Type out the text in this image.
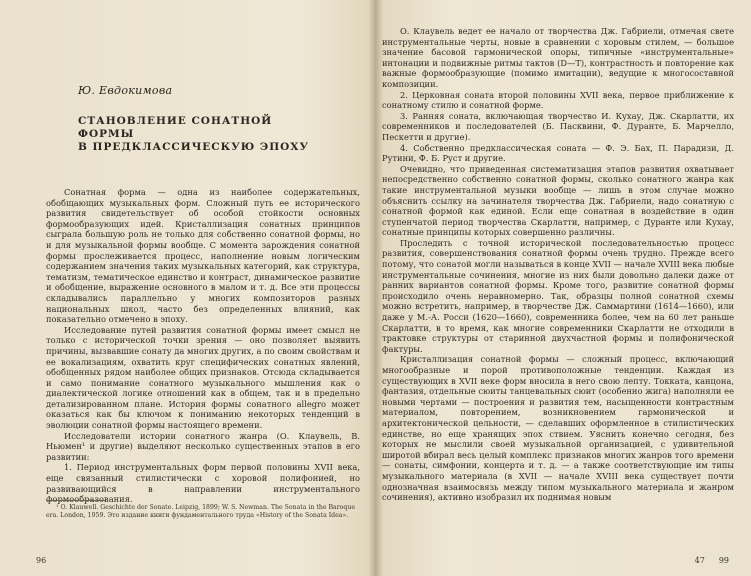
Ю. Евдокимова
СТАНОВЛЕНИЕ СОНАТНОЙ ФОРМЫ
В ПРЕДКЛАССИЧЕСКУЮ ЭПОХУ

Сонатная форма — одна из наиболее содержательных, обобщающих музыкальных форм. Сложный путь ее исторического развития свидетельствует об особой стойкости основных формообразующих идей. Кристаллизация сонатных принципов сыграла большую роль не только для собственно сонатной формы, но и для музыкальной формы вообще. С момента зарождения сонатной формы прослеживается процесс, наполнение новым логическим содержанием значения таких музыкальных категорий, как структура, тематизм, тематическое единство и контраст, динамическое развитие и обобщение, выражение основного в малом и т. д. Все эти процессы складывались параллельно у многих композиторов разных национальных школ, часто без определенных влияний, как показательно отмечено в эпоху.

Исследование путей развития сонатной формы имеет смысл не только с исторической точки зрения — оно позволяет выявить причины, вызвавшие сонату да многих других, а по своим свойствам и ее вокализациям, охватить круг специфических сонатных явлений, обобщенных рядом наиболее общих признаков. Отсюда складывается и само понимание сонатного музыкального мышления как о диалектической логике отношений как в общем, так и в предельно детализированном плане. История формы сонатного allegro может оказаться как бы ключом к пониманию некоторых тенденций в эволюции сонатной формы настоящего времени.

Исследователи истории сонатного жанра (О. Клаувель, В. Ньюмен¹ и другие) выделяют несколько существенных этапов в его развитии:

1. Период инструментальных форм первой половины XVII века, еще связанный стилистически с хоровой полифонией, но развивающийся в направлении инструментального формообразования.

¹ O. Klauwell. Geschichte der Sonate. Leipzig, 1899; W. S. Newman. The Sonata in the Baroque era. London, 1959. Это издание книги фундаментального труда «History of the Sonata Idea».

96

О. Клаувель ведет ее начало от творчества Дж. Габриели, отмечая свете инструментальные черты, новые в сравнении с хоровым стилем, — большое значение басовой гармонической опоры, типичные «инструментальные» интонации и подвижные ритмы тактов (D—T), контрастность и повторение как важные формообразующие (помимо имитации), ведущие к многосоставной композиции.

2. Церковная соната второй половины XVII века, первое приближение к сонатному стилю и сонатной форме.

3. Ранняя соната, включающая творчество И. Кухау, Дж. Скарлатти, их современников и последователей (Б. Пасквини, Ф. Дуранте, Б. Марчелло, Пескетти и другие).

4. Собственно предклассическая соната — Ф. Э. Бах, П. Парадизи, Д. Рутини, Ф. Б. Руст и другие.

Очевидно, что приведенная систематизация этапов развития охватывает непосредственно собственно сонатной формы, сколько сонатного жанра как такие инструментальной музыки вообще — лишь в этом случае можно объяснить ссылку на зачинателя творчества Дж. Габриели, надо сонатную с сонатной формой как единой. Если еще сонатная в воздействие в один ступенчатой период творчества Скарлатти, например, с Дуранте или Кухау, сонатные принципы которых совершенно различны.

Проследить с точной исторической последовательностью процесс развития, совершенствования сонатной формы очень трудно. Прежде всего потому, что сонатой могли называться в конце XVII — начале XVIII века любые инструментальные сочинения, многие из них были довольно далеки даже от ранних вариантов сонатной формы. Кроме того, развитие сонатной формы происходило очень неравномерно. Так, образцы полной сонатной схемы можно встретить, например, в творчестве Дж. Саммартини (1614—1660), или даже у М.-А. Росси (1620—1660), современника более, чем на 60 лет раньше Скарлатти, в то время, как многие современники Скарлатти не отходили в трактовке структуры от старинной двухчастной формы и полифонической фактуры.

Кристаллизация сонатной формы — сложный процесс, включающий многообразные и порой противоположные тенденции. Каждая из существующих в XVII веке форм вносила в него свою лепту. Токката, канцона, фантазия, отдельные сюиты танцевальных сюит (особенно жига) наполняли ее новыми чертами — построения и развития тем, насыщенности контрастным материалом, повторением, возникновением гармонической и архитектонической цельности, — сделавших оформленное в стилистических единстве, но еще хранящих эпох ствием. Уяснить конечно сегодня, без которых не мыслили своей музыкальной организацией, с удивительной широтой вбирал весь целый комплекс признаков многих жанров того времени — сонаты, симфонии, концерта и т. д. — а также соответствующие им типы музыкального материала (в XVII — начале XVIII века существует почти однозначная взаимосвязь между типом музыкального материала и жанром сочинения), активно изобразил их поднимая новым

47 99
